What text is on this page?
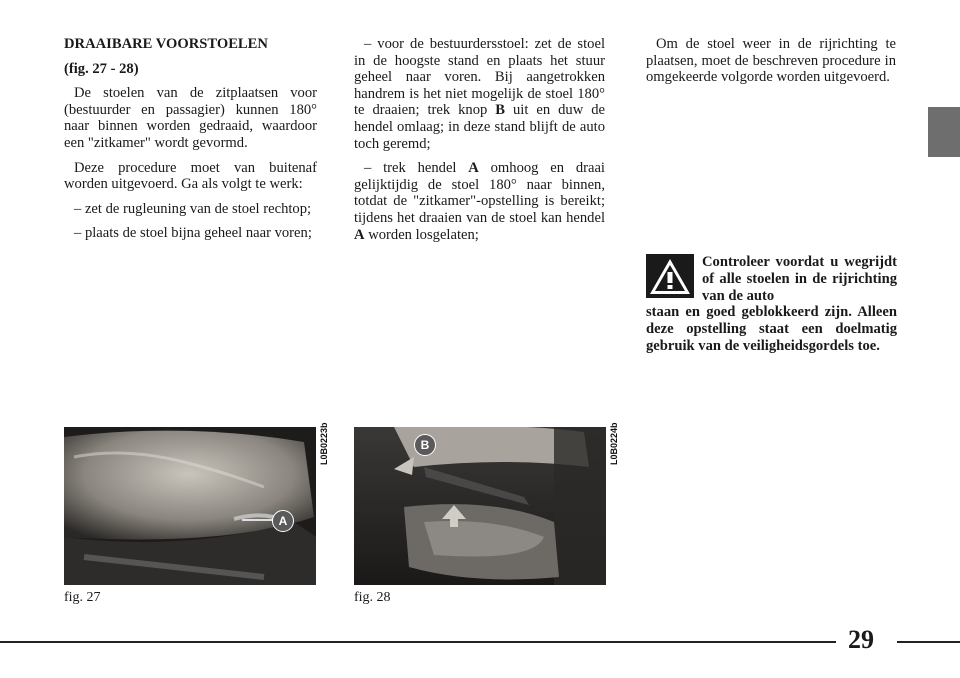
DRAAIBARE VOORSTOELEN

(fig. 27 - 28)

De stoelen van de zitplaatsen voor (bestuurder en passagier) kunnen 180° naar binnen worden gedraaid, waardoor een "zitkamer" wordt gevormd.

Deze procedure moet van buitenaf worden uitgevoerd. Ga als volgt te werk:

– zet de rugleuning van de stoel rechtop;

– plaats de stoel bijna geheel naar voren;

– voor de bestuurdersstoel: zet de stoel in de hoogste stand en plaats het stuur geheel naar voren. Bij aangetrokken handrem is het niet mogelijk de stoel 180° te draaien; trek knop B uit en duw de hendel omlaag; in deze stand blijft de auto toch geremd;

– trek hendel A omhoog en draai gelijktijdig de stoel 180° naar binnen, totdat de "zitkamer"-opstelling is bereikt; tijdens het draaien van de stoel kan hendel A worden losgelaten;

Om de stoel weer in de rijrichting te plaatsen, moet de beschreven procedure in omgekeerde volgorde worden uitgevoerd.

Controleer voordat u wegrijdt of alle stoelen in de rijrichting van de auto
staan en goed geblokkeerd zijn. Alleen deze opstelling staat een doelmatig gebruik van de veiligheidsgordels toe.

A
L0B0223b
fig. 27
B	L0B0224b
fig. 28
29
